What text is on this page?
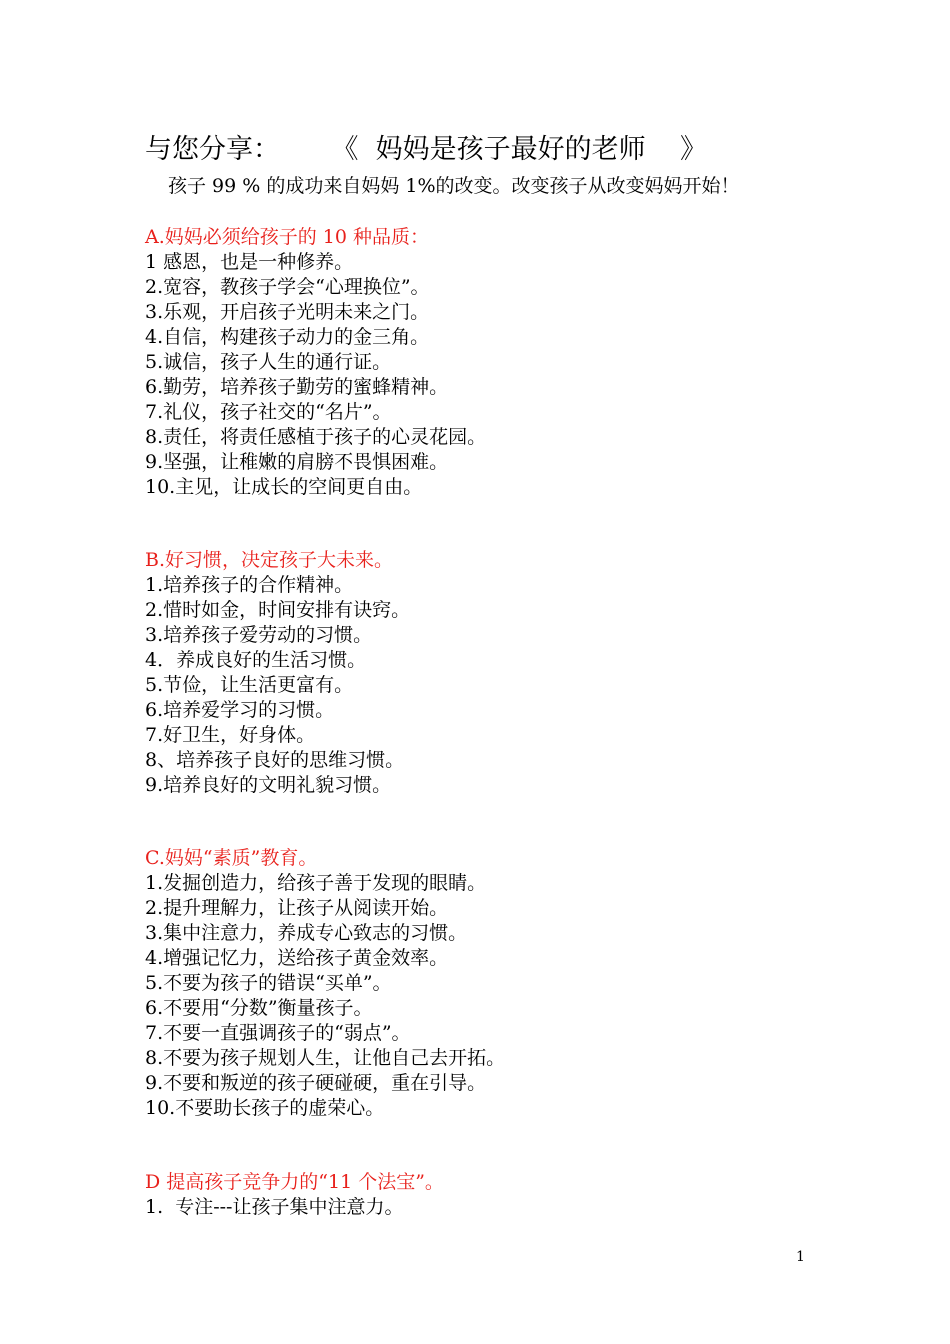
与您分享：      《  妈妈是孩子最好的老师    》
孩子 99 % 的成功来自妈妈 1%的改变。改变孩子从改变妈妈开始！
A.妈妈必须给孩子的 10 种品质：
1 感恩，也是一种修养。
2.宽容，教孩子学会“心理换位”。
3.乐观，开启孩子光明未来之门。
4.自信，构建孩子动力的金三角。
5.诚信，孩子人生的通行证。
6.勤劳，培养孩子勤劳的蜜蜂精神。
7.礼仪，孩子社交的“名片”。
8.责任，将责任感植于孩子的心灵花园。
9.坚强，让稚嫩的肩膀不畏惧困难。
10.主见，让成长的空间更自由。
B.好习惯，决定孩子大未来。
1.培养孩子的合作精神。
2.惜时如金，时间安排有诀窍。
3.培养孩子爱劳动的习惯。
4．养成良好的生活习惯。
5.节俭，让生活更富有。
6.培养爱学习的习惯。
7.好卫生，好身体。
8、培养孩子良好的思维习惯。
9.培养良好的文明礼貌习惯。
C.妈妈“素质”教育。
1.发掘创造力，给孩子善于发现的眼睛。
2.提升理解力，让孩子从阅读开始。
3.集中注意力，养成专心致志的习惯。
4.增强记忆力，送给孩子黄金效率。
5.不要为孩子的错误“买单”。
6.不要用“分数”衡量孩子。
7.不要一直强调孩子的“弱点”。
8.不要为孩子规划人生，让他自己去开拓。
9.不要和叛逆的孩子硬碰硬，重在引导。
10.不要助长孩子的虚荣心。
D 提高孩子竞争力的“11 个法宝”。
1.  专注---让孩子集中注意力。
1
